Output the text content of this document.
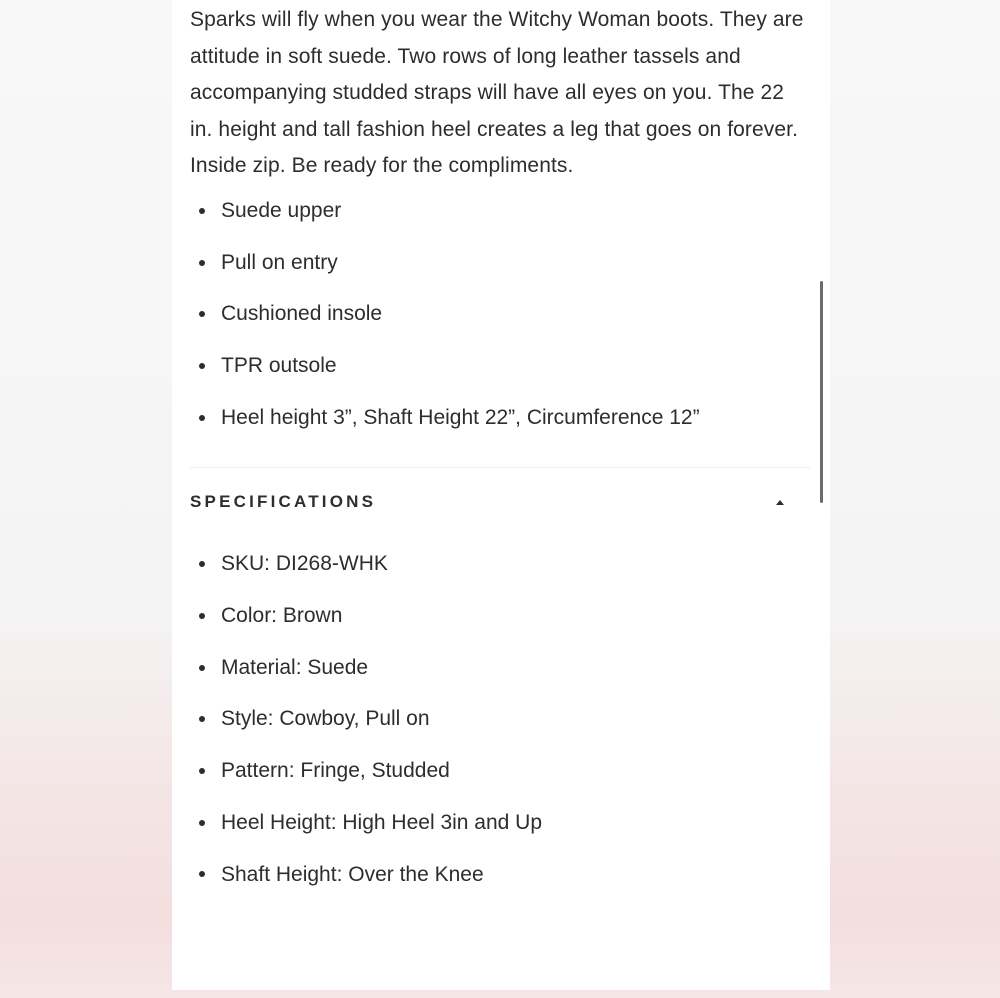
Sparks will fly when you wear the Witchy Woman boots. They are attitude in soft suede. Two rows of long leather tassels and accompanying studded straps will have all eyes on you. The 22 in. height and tall fashion heel creates a leg that goes on forever. Inside zip. Be ready for the compliments.

Suede upper
Pull on entry
Cushioned insole
TPR outsole
Heel height 3”, Shaft Height 22”, Circumference 12”
SPECIFICATIONS
SKU: DI268-WHK
Color: Brown
Material: Suede
Style: Cowboy, Pull on
Pattern: Fringe, Studded
Heel Height: High Heel 3in and Up
Shaft Height: Over the Knee
